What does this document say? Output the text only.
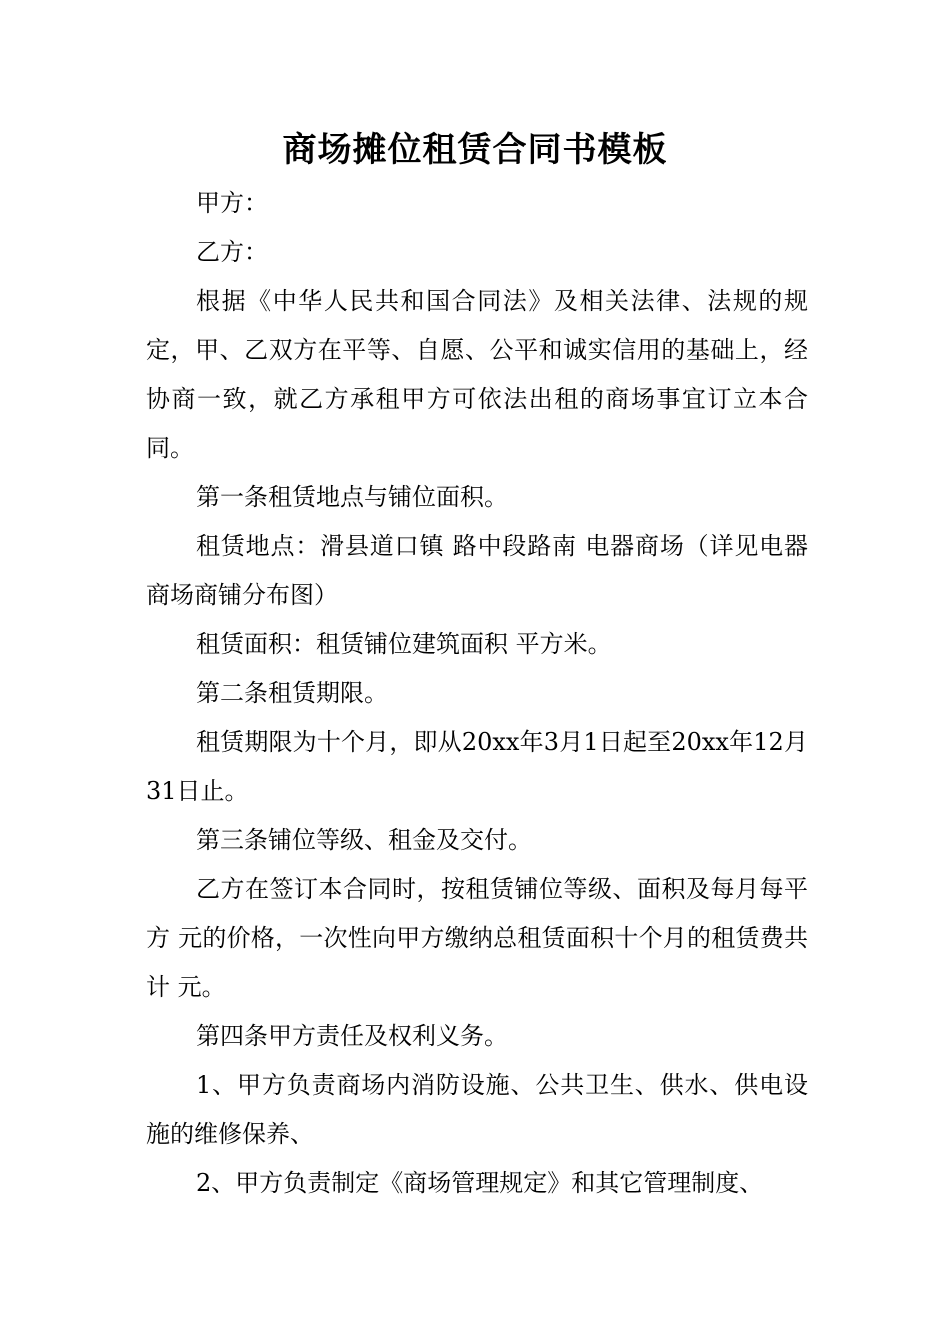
商场摊位租赁合同书模板

甲方：

乙方：

根据《中华人民共和国合同法》及相关法律、法规的规定，甲、乙双方在平等、自愿、公平和诚实信用的基础上，经协商一致，就乙方承租甲方可依法出租的商场事宜订立本合同。

第一条租赁地点与铺位面积。

租赁地点：滑县道口镇 路中段路南 电器商场（详见电器商场商铺分布图）

租赁面积：租赁铺位建筑面积 平方米。

第二条租赁期限。

租赁期限为十个月，即从20xx年3月1日起至20xx年12月31日止。

第三条铺位等级、租金及交付。

乙方在签订本合同时，按租赁铺位等级、面积及每月每平方 元的价格，一次性向甲方缴纳总租赁面积十个月的租赁费共计 元。

第四条甲方责任及权利义务。

1、甲方负责商场内消防设施、公共卫生、供水、供电设施的维修保养、

2、甲方负责制定《商场管理规定》和其它管理制度、
